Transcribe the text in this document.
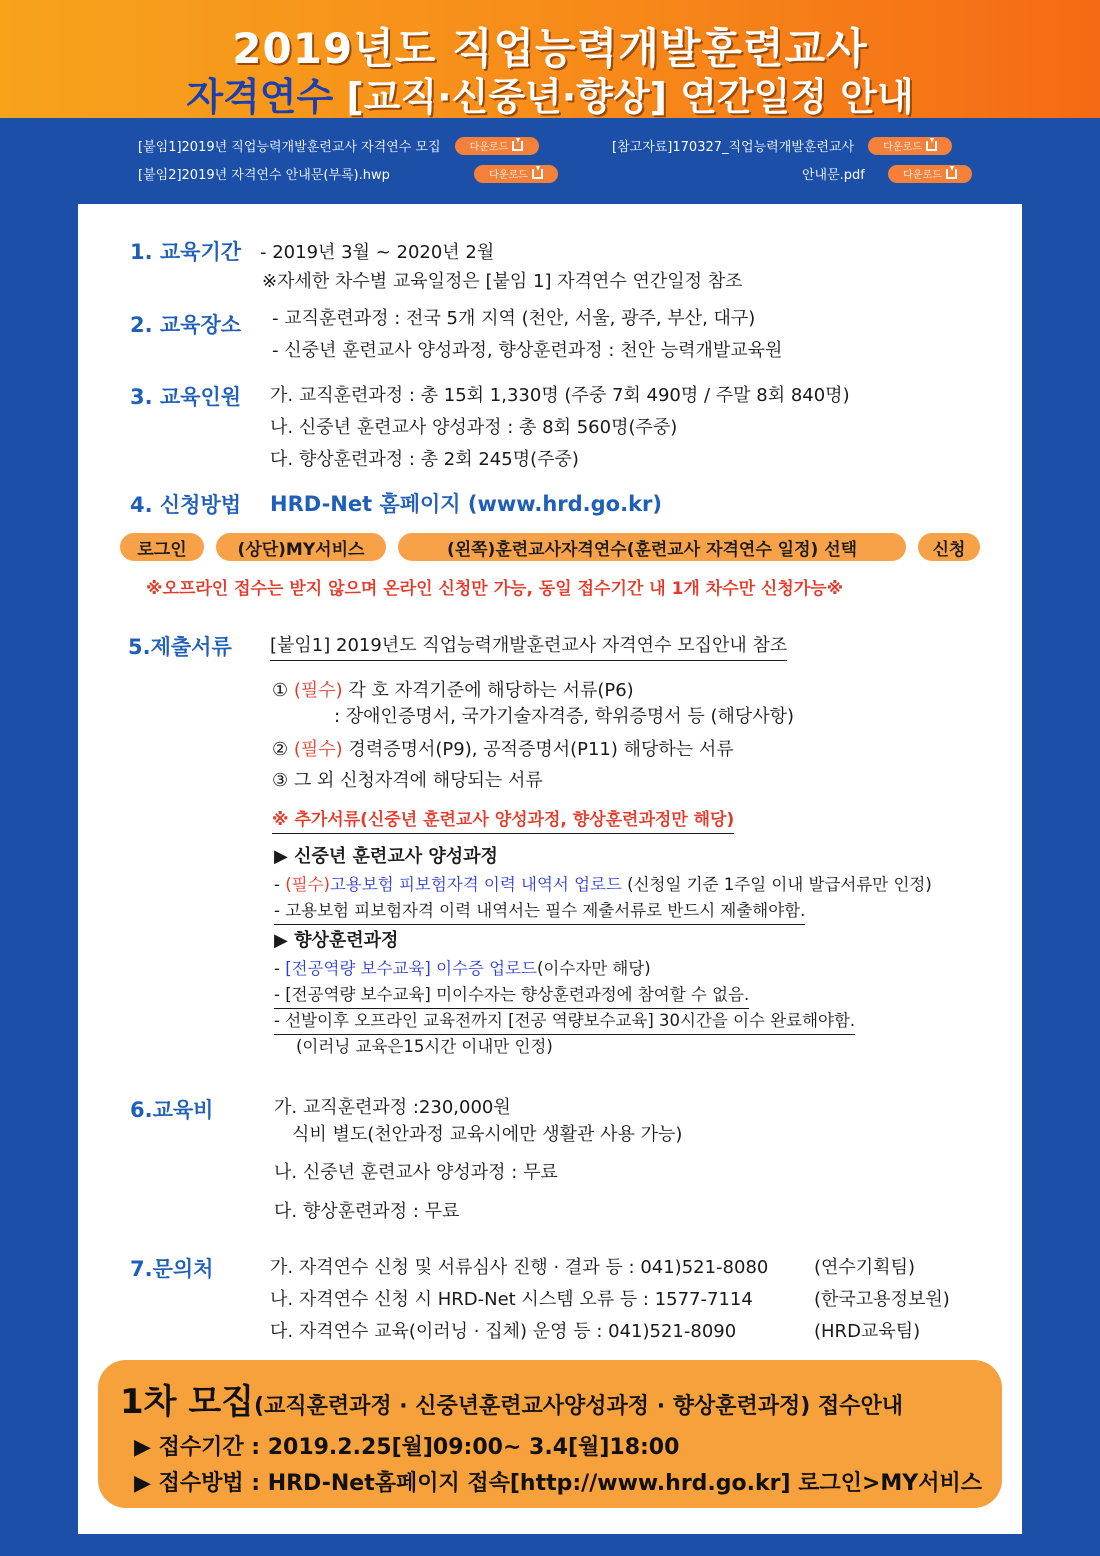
2019년도 직업능력개발훈련교사
자격연수 [교직·신중년·향상] 연간일정 안내
[붙임1]2019년 직업능력개발훈련교사 자격연수 모집	다운로드
[붙임2]2019년 자격연수 안내문(부록).hwp	다운로드
[참고자료]170327_직업능력개발훈련교사	다운로드
안내문.pdf	다운로드
1. 교육기간 - 2019년 3월 ~ 2020년 2월
※자세한 차수별 교육일정은 [붙임 1] 자격연수 연간일정 참조
2. 교육장소 - 교직훈련과정 : 전국 5개 지역 (천안, 서울, 광주, 부산, 대구)
- 신중년 훈련교사 양성과정, 향상훈련과정 : 천안 능력개발교육원
3. 교육인원 가. 교직훈련과정 : 총 15회 1,330명 (주중 7회 490명 / 주말 8회 840명)
나. 신중년 훈련교사 양성과정 : 총 8회 560명(주중)
다. 향상훈련과정 : 총 2회 245명(주중)
4. 신청방법 HRD-Net 홈페이지 (www.hrd.go.kr)
로그인	(상단)MY서비스	(왼쪽)훈련교사자격연수(훈련교사 자격연수 일정) 선택	신청
※오프라인 접수는 받지 않으며 온라인 신청만 가능, 동일 접수기간 내 1개 차수만 신청가능※
5.제출서류 [붙임1] 2019년도 직업능력개발훈련교사 자격연수 모집안내 참조
① (필수) 각 호 자격기준에 해당하는 서류(P6)
: 장애인증명서, 국가기술자격증, 학위증명서 등 (해당사항)
② (필수) 경력증명서(P9), 공적증명서(P11) 해당하는 서류
③ 그 외 신청자격에 해당되는 서류
※ 추가서류(신중년 훈련교사 양성과정, 향상훈련과정만 해당)
▶ 신중년 훈련교사 양성과정
- (필수)고용보험 피보험자격 이력 내역서 업로드 (신청일 기준 1주일 이내 발급서류만 인정)
- 고용보험 피보험자격 이력 내역서는 필수 제출서류로 반드시 제출해야함.
▶ 향상훈련과정
- [전공역량 보수교육] 이수증 업로드(이수자만 해당)
- [전공역량 보수교육] 미이수자는 향상훈련과정에 참여할 수 없음.
- 선발이후 오프라인 교육전까지 [전공 역량보수교육] 30시간을 이수 완료해야함.
(이러닝 교육은15시간 이내만 인정)
6.교육비	가. 교직훈련과정 :230,000원
식비 별도(천안과정 교육시에만 생활관 사용 가능)
나. 신중년 훈련교사 양성과정 : 무료
다. 향상훈련과정 : 무료
7.문의처	가. 자격연수 신청 및 서류심사 진행 · 결과 등 : 041)521-8080	(연수기획팀)
나. 자격연수 신청 시 HRD-Net 시스템 오류 등 : 1577-7114	(한국고용정보원)
다. 자격연수 교육(이러닝 · 집체) 운영 등 : 041)521-8090	(HRD교육팀)
1차 모집(교직훈련과정 · 신중년훈련교사양성과정 · 향상훈련과정) 접수안내
▶ 접수기간 : 2019.2.25[월]09:00~ 3.4[월]18:00
▶ 접수방법 : HRD-Net홈페이지 접속[http://www.hrd.go.kr] 로그인>MY서비스
